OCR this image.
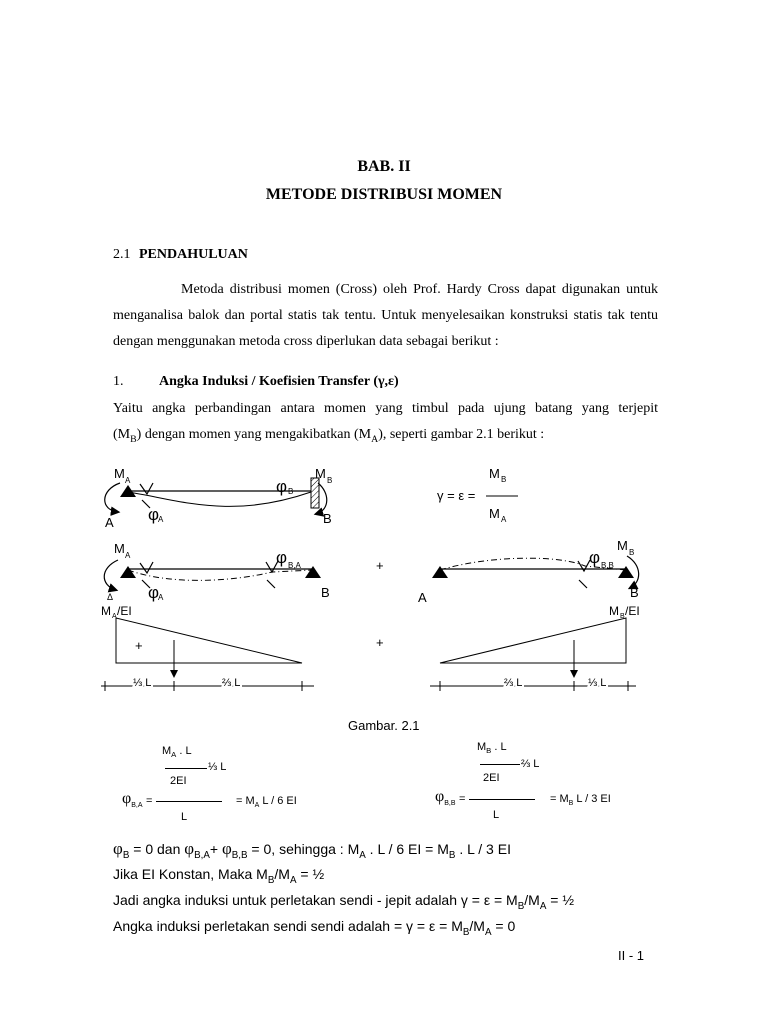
BAB. II
METODE DISTRIBUSI MOMEN
2.1 PENDAHULUAN
Metoda distribusi momen (Cross) oleh Prof. Hardy Cross dapat digunakan untuk menganalisa balok dan portal statis tak tentu. Untuk menyelesaikan konstruksi statis tak tentu dengan menggunakan metoda cross diperlukan data sebagai berikut :
1.	Angka Induksi / Koefisien Transfer (γ,ε)
Yaitu angka perbandingan antara momen yang timbul pada ujung batang yang terjepit
$(M_B)$ dengan momen yang mengakibatkan $(M_A)$, seperti gambar 2.1 berikut :
M A	M B
φ B
φ
A
A	B
γ = ε =
M B
M A
M A	φ B,A
φ
A
Δ	B
+
M B
φ B,B
A	B
M A /EI
+
⅓ L	⅔ L
+
M B /EI
⅔ L	⅓ L
Gambar. 2.1
$M_A$ . L
⅓ L
2EI
$\varphi_{B,A}$ =	= $M_A$ L / 6 EI
L
$M_B$ . L
⅔ L
2EI
$\varphi_{B,B}$ =	= $M_B$ L / 3 EI
L
$\varphi_B = 0$ dan $\varphi_{B,A}+ \varphi_{B,B} = 0$, sehingga : $M_A$ . L / 6 EI = $M_B$ . L / 3 EI
Jika EI Konstan, Maka $M_B/M_A$ = ½
Jadi angka induksi untuk perletakan sendi - jepit adalah $\gamma = \varepsilon = M_B/M_A$ = ½
Angka induksi perletakan sendi sendi adalah = $\gamma = \varepsilon = M_B/M_A = 0$
II - 1
